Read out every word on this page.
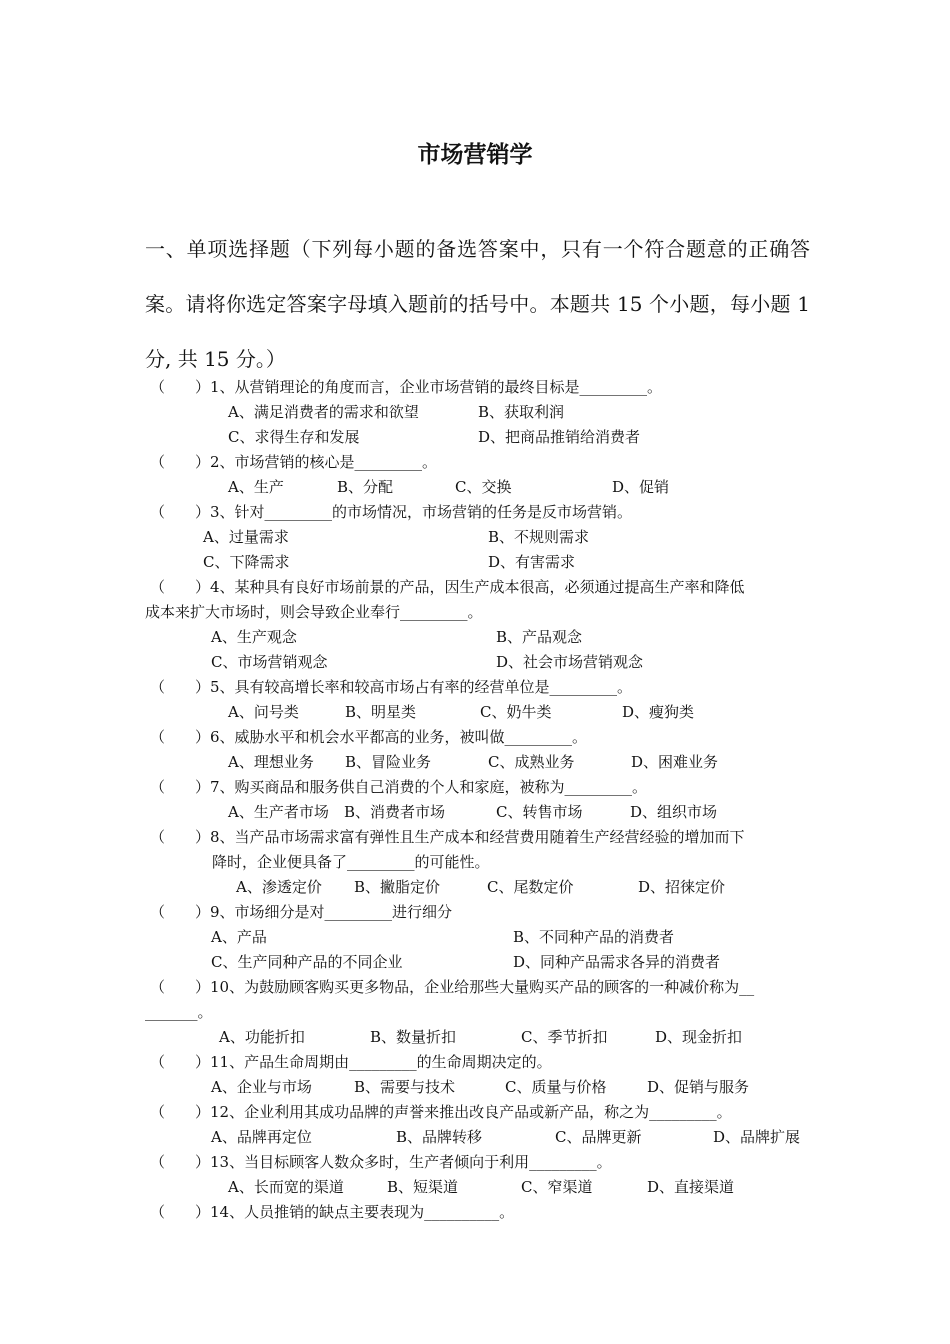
市场营销学
一、单项选择题（下列每小题的备选答案中，只有一个符合题意的正确答案。请将你选定答案字母填入题前的括号中。本题共 15 个小题，每小题 1 分, 共 15 分。）
（　　）1、从营销理论的角度而言，企业市场营销的最终目标是_________。
A、满足消费者的需求和欲望	B、获取利润
C、求得生存和发展	D、把商品推销给消费者
（　　）2、市场营销的核心是_________。
A、生产	B、分配	C、交换	D、促销
（　　）3、针对_________的市场情况，市场营销的任务是反市场营销。
A、过量需求	B、不规则需求
C、下降需求	D、有害需求
（　　）4、某种具有良好市场前景的产品，因生产成本很高，必须通过提高生产率和降低
成本来扩大市场时，则会导致企业奉行_________。
A、生产观念	B、产品观念
C、市场营销观念	D、社会市场营销观念
（　　）5、具有较高增长率和较高市场占有率的经营单位是_________。
A、问号类	B、明星类	C、奶牛类	D、瘦狗类
（　　）6、威胁水平和机会水平都高的业务，被叫做_________。
A、理想业务 B、冒险业务	C、成熟业务	D、困难业务
（　　）7、购买商品和服务供自己消费的个人和家庭，被称为_________。
A、生产者市场 B、消费者市场	C、转售市场	D、组织市场
（　　）8、当产品市场需求富有弹性且生产成本和经营费用随着生产经营经验的增加而下
降时，企业便具备了_________的可能性。
A、渗透定价 B、撇脂定价	C、尾数定价	D、招徕定价
（　　）9、市场细分是对_________进行细分
A、产品	B、不同种产品的消费者
C、生产同种产品的不同企业	D、同种产品需求各异的消费者
（　　）10、为鼓励顾客购买更多物品，企业给那些大量购买产品的顾客的一种减价称为__
_______。
A、功能折扣	B、数量折扣	C、季节折扣	D、现金折扣
（　　）11、产品生命周期由_________的生命周期决定的。
A、企业与市场	B、需要与技术	C、质量与价格	D、促销与服务
（　　）12、企业利用其成功品牌的声誉来推出改良产品或新产品，称之为_________。
A、品牌再定位	B、品牌转移	C、品牌更新	D、品牌扩展
（　　）13、当目标顾客人数众多时，生产者倾向于利用_________。
A、长而宽的渠道	B、短渠道	C、窄渠道	D、直接渠道
（　　）14、人员推销的缺点主要表现为__________。
